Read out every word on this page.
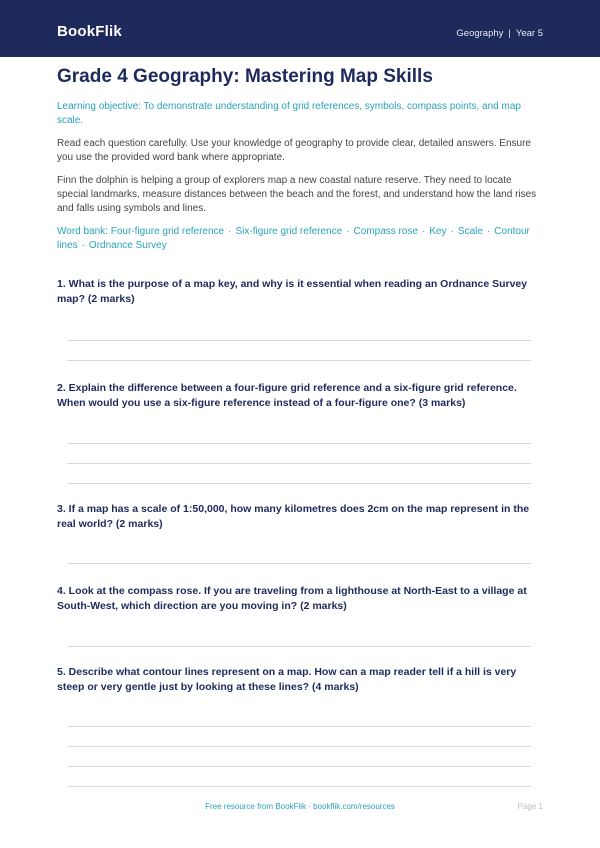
BookFlik	Geography | Year 5
Grade 4 Geography: Mastering Map Skills
Learning objective: To demonstrate understanding of grid references, symbols, compass points, and map scale.
Read each question carefully. Use your knowledge of geography to provide clear, detailed answers. Ensure you use the provided word bank where appropriate.
Finn the dolphin is helping a group of explorers map a new coastal nature reserve. They need to locate special landmarks, measure distances between the beach and the forest, and understand how the land rises and falls using symbols and lines.
Word bank: Four-figure grid reference · Six-figure grid reference · Compass rose · Key · Scale · Contour lines · Ordnance Survey
1. What is the purpose of a map key, and why is it essential when reading an Ordnance Survey map? (2 marks)
2. Explain the difference between a four-figure grid reference and a six-figure grid reference. When would you use a six-figure reference instead of a four-figure one? (3 marks)
3. If a map has a scale of 1:50,000, how many kilometres does 2cm on the map represent in the real world? (2 marks)
4. Look at the compass rose. If you are traveling from a lighthouse at North-East to a village at South-West, which direction are you moving in? (2 marks)
5. Describe what contour lines represent on a map. How can a map reader tell if a hill is very steep or very gentle just by looking at these lines? (4 marks)
Free resource from BookFlik · bookflik.com/resources	Page 1
